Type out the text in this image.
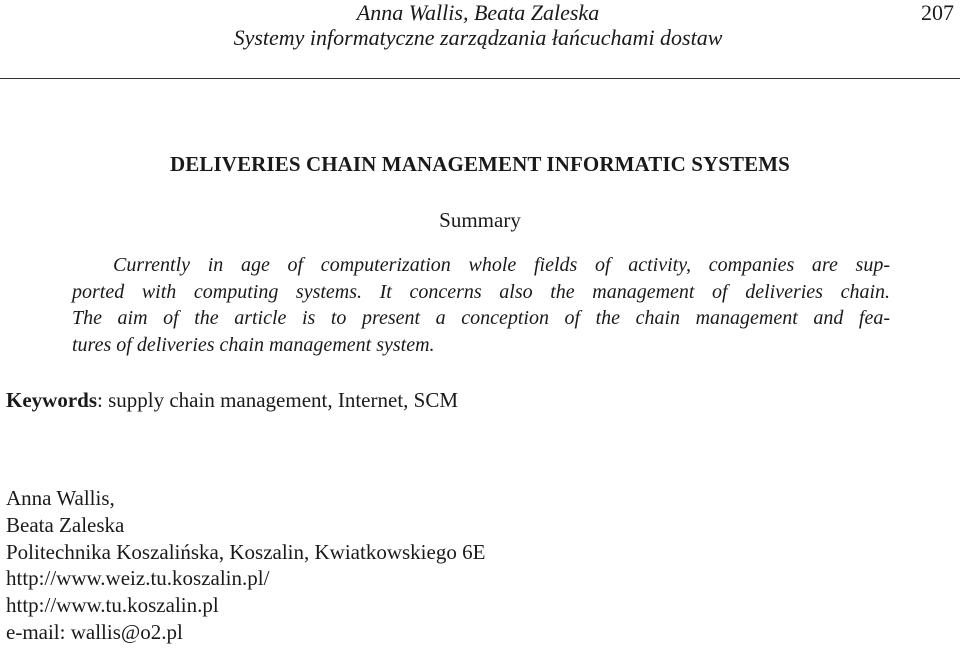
Anna Wallis, Beata Zaleska
Systemy informatyczne zarządzania łańcuchami dostaw
207
DELIVERIES CHAIN MANAGEMENT INFORMATIC SYSTEMS
Summary
Currently in age of computerization whole fields of activity, companies are sup-
ported with computing systems. It concerns also the management of deliveries chain.
The aim of the article is to present a conception of the chain management and fea-
tures of deliveries chain management system.
Keywords: supply chain management, Internet, SCM
Anna Wallis,
Beata Zaleska
Politechnika Koszalińska, Koszalin, Kwiatkowskiego 6E
http://www.weiz.tu.koszalin.pl/
http://www.tu.koszalin.pl
e-mail: wallis@o2.pl
